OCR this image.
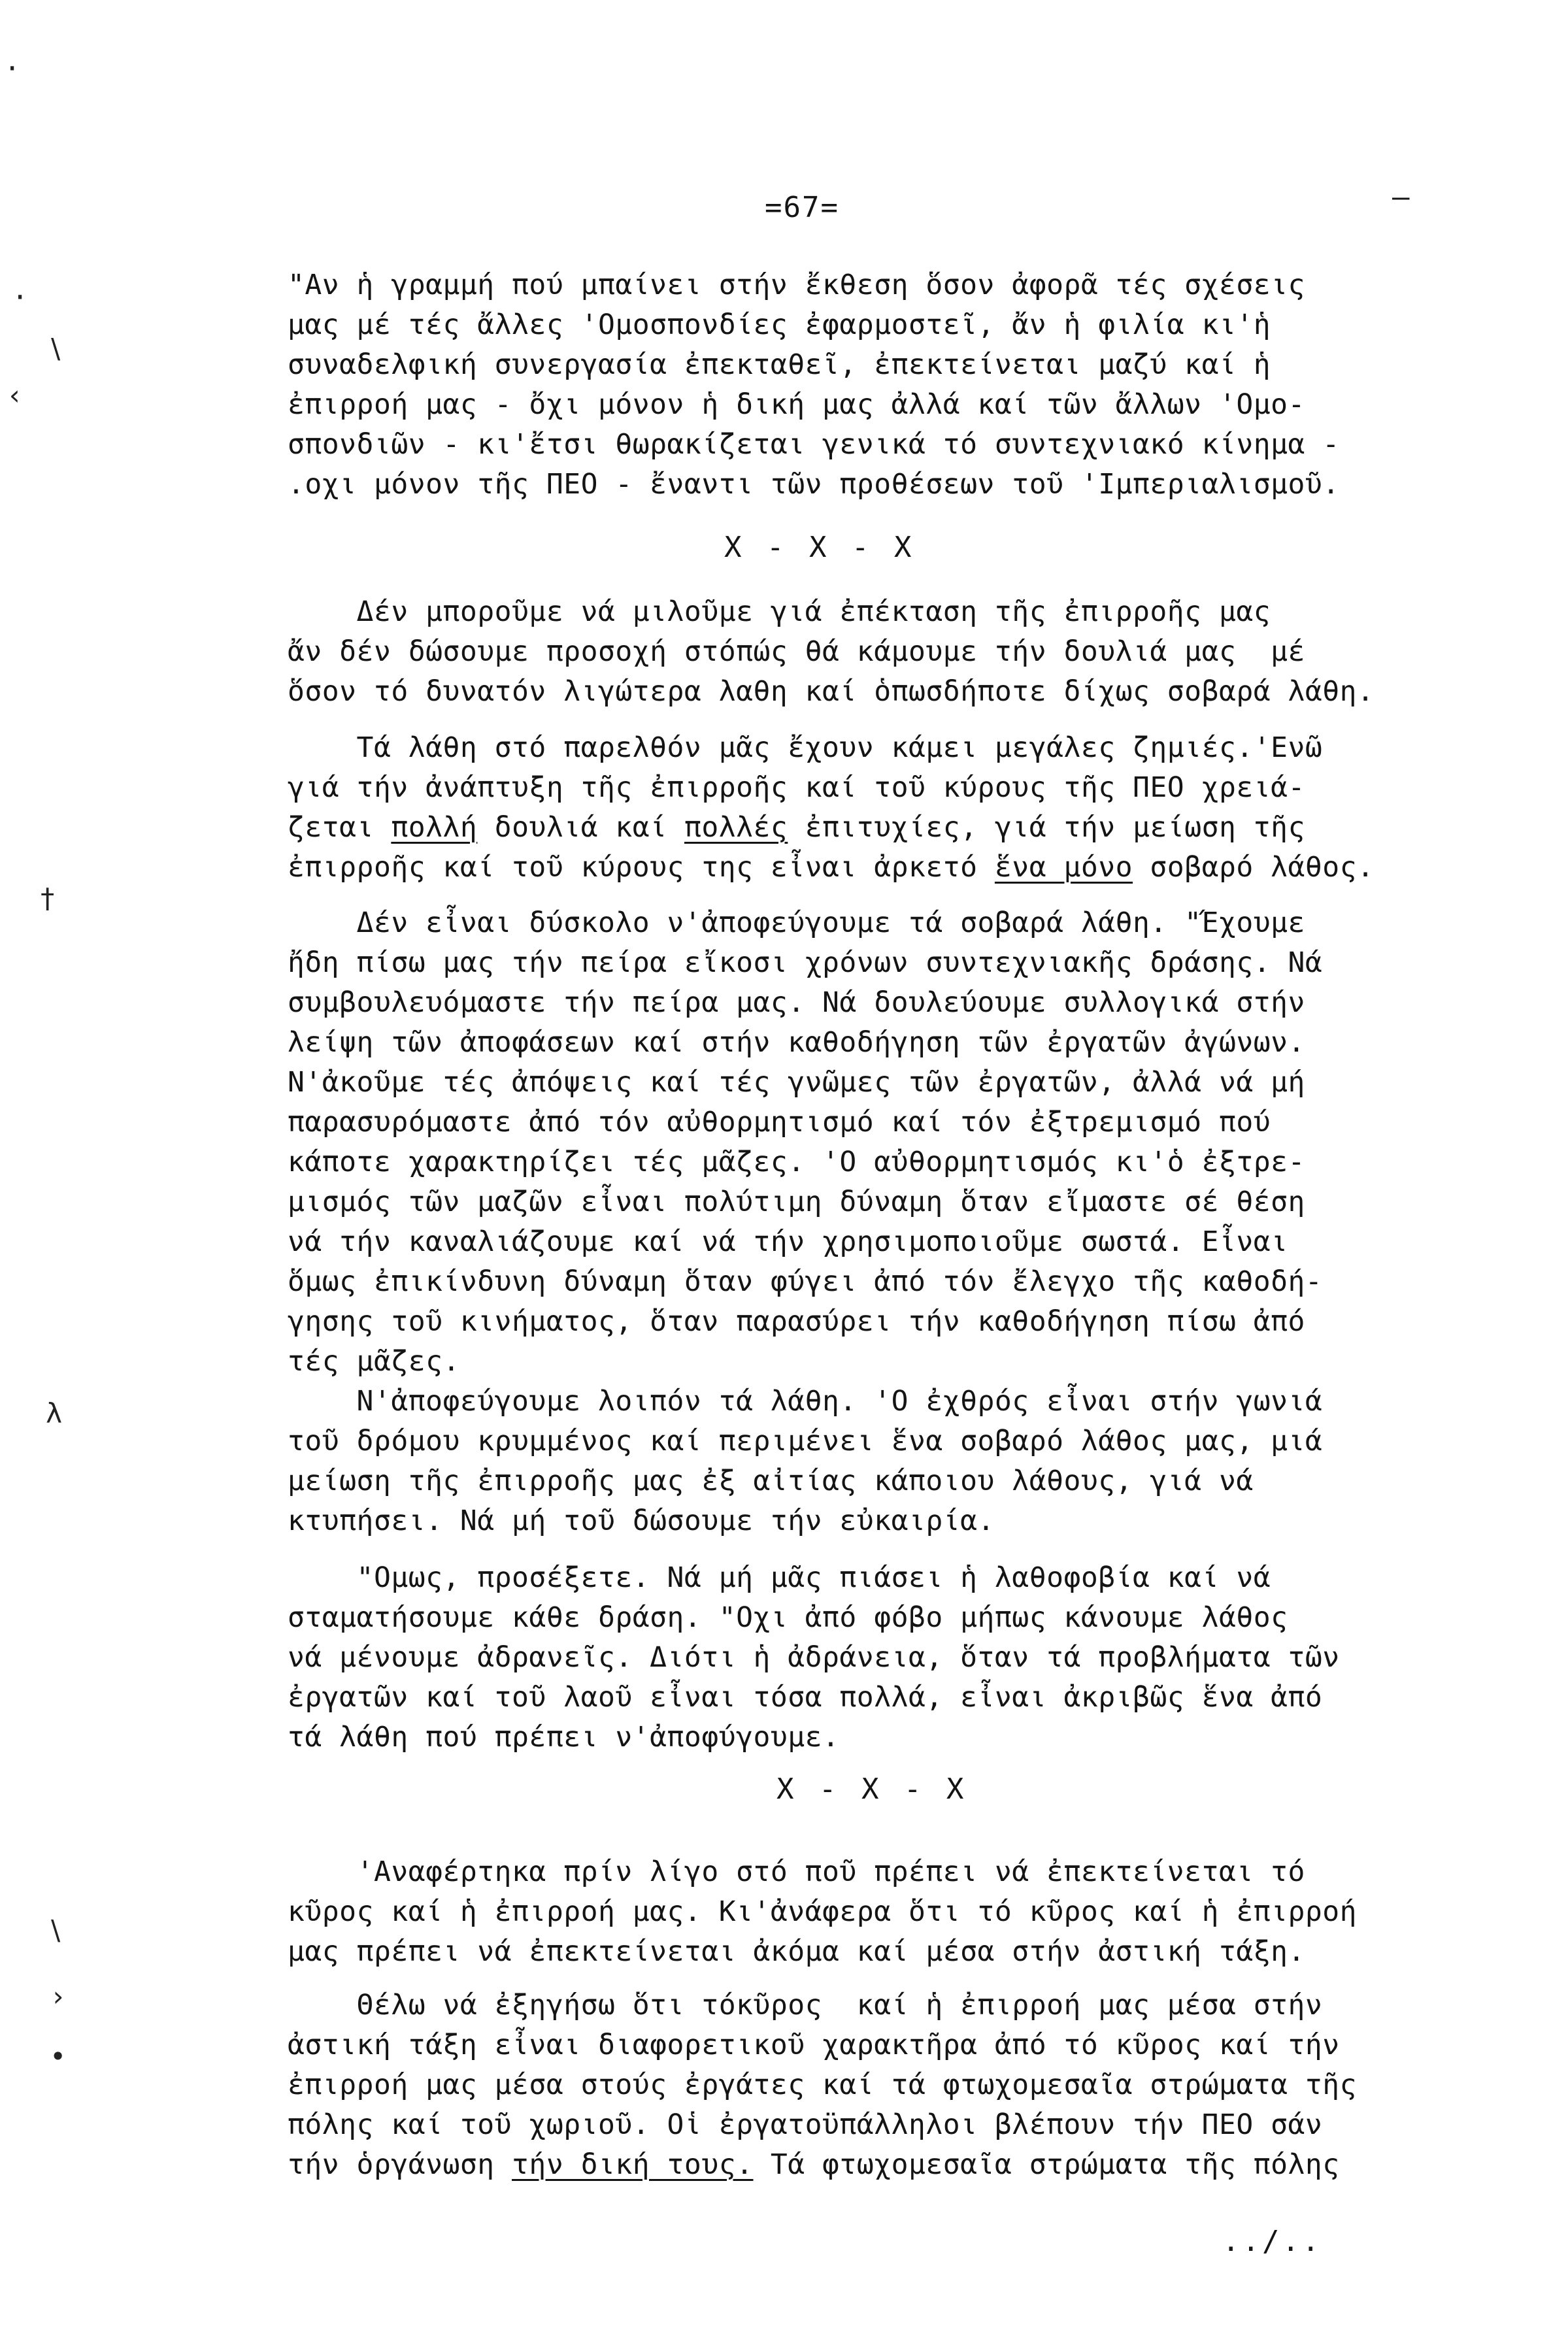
=67=	—
"Αν ἡ γραμμή πού μπαίνει στήν ἔκθεση ὅσον ἀφορᾶ τές σχέσεις
μας μέ τές ἄλλες 'Ομοσπονδίες ἐφαρμοστεῖ, ἄν ἡ φιλία κι'ἡ
συναδελφική συνεργασία ἐπεκταθεῖ, ἐπεκτείνεται μαζύ καί ἡ
ἐπιρροή μας - ὄχι μόνον ἡ δική μας ἀλλά καί τῶν ἄλλων 'Ομο-
σπονδιῶν - κι'ἔτσι θωρακίζεται γενικά τό συντεχνιακό κίνημα -
.οχι μόνον τῆς ΠΕΟ - ἔναντι τῶν προθέσεων τοῦ 'Ιμπεριαλισμοῦ.
X - X - X
Δέν μποροῦμε νά μιλοῦμε γιά ἐπέκταση τῆς ἐπιρροῆς μας
ἄν δέν δώσουμε προσοχή στόπώς θά κάμουμε τήν δουλιά μας  μέ
ὅσον τό δυνατόν λιγώτερα λαθη καί ὁπωσδήποτε δίχως σοβαρά λάθη.
Τά λάθη στό παρελθόν μᾶς ἔχουν κάμει μεγάλες ζημιές.'Ενῶ
γιά τήν ἀνάπτυξη τῆς ἐπιρροῆς καί τοῦ κύρους τῆς ΠΕΟ χρειά-
ζεται πολλή δουλιά καί πολλές ἐπιτυχίες, γιά τήν μείωση τῆς
ἐπιρροῆς καί τοῦ κύρους της εἶναι ἀρκετό ἕνα μόνο σοβαρό λάθος.
Δέν εἶναι δύσκολο ν'ἀποφεύγουμε τά σοβαρά λάθη. "Έχουμε
ἤδη πίσω μας τήν πείρα εἴκοσι χρόνων συντεχνιακῆς δράσης. Νά
συμβουλευόμαστε τήν πείρα μας. Νά δουλεύουμε συλλογικά στήν
λείψη τῶν ἀποφάσεων καί στήν καθοδήγηση τῶν ἐργατῶν ἀγώνων.
Ν'ἀκοῦμε τές ἀπόψεις καί τές γνῶμες τῶν ἐργατῶν, ἀλλά νά μή
παρασυρόμαστε ἀπό τόν αὐθορμητισμό καί τόν ἐξτρεμισμό πού
κάποτε χαρακτηρίζει τές μᾶζες. 'Ο αὐθορμητισμός κι'ὁ ἐξτρε-
μισμός τῶν μαζῶν εἶναι πολύτιμη δύναμη ὅταν εἴμαστε σέ θέση
νά τήν καναλιάζουμε καί νά τήν χρησιμοποιοῦμε σωστά. Εἶναι
ὅμως ἐπικίνδυνη δύναμη ὅταν φύγει ἀπό τόν ἔλεγχο τῆς καθοδή-
γησης τοῦ κινήματος, ὅταν παρασύρει τήν καθοδήγηση πίσω ἀπό
τές μᾶζες.
Ν'ἀποφεύγουμε λοιπόν τά λάθη. 'Ο ἐχθρός εἶναι στήν γωνιά
τοῦ δρόμου κρυμμένος καί περιμένει ἕνα σοβαρό λάθος μας, μιά
μείωση τῆς ἐπιρροῆς μας ἐξ αἰτίας κάποιου λάθους, γιά νά
κτυπήσει. Νά μή τοῦ δώσουμε τήν εὐκαιρία.
"Ομως, προσέξετε. Νά μή μᾶς πιάσει ἡ λαθοφοβία καί νά
σταματήσουμε κάθε δράση. "Οχι ἀπό φόβο μήπως κάνουμε λάθος
νά μένουμε ἀδρανεῖς. Διότι ἡ ἀδράνεια, ὅταν τά προβλήματα τῶν
ἐργατῶν καί τοῦ λαοῦ εἶναι τόσα πολλά, εἶναι ἀκριβῶς ἕνα ἀπό
τά λάθη πού πρέπει ν'ἀποφύγουμε.
X - X - X
'Αναφέρτηκα πρίν λίγο στό ποῦ πρέπει νά ἐπεκτείνεται τό
κῦρος καί ἡ ἐπιρροή μας. Κι'ἀνάφερα ὅτι τό κῦρος καί ἡ ἐπιρροή
μας πρέπει νά ἐπεκτείνεται ἀκόμα καί μέσα στήν ἀστική τάξη.
Θέλω νά ἐξηγήσω ὅτι τόκῦρος  καί ἡ ἐπιρροή μας μέσα στήν
ἀστική τάξη εἶναι διαφορετικοῦ χαρακτῆρα ἀπό τό κῦρος καί τήν
ἐπιρροή μας μέσα στούς ἐργάτες καί τά φτωχομεσαῖα στρώματα τῆς
πόλης καί τοῦ χωριοῦ. Οἱ ἐργατοϋπάλληλοι βλέπουν τήν ΠΕΟ σάν
τήν ὁργάνωση τήν δική τους. Τά φτωχομεσαῖα στρώματα τῆς πόλης
../..
·
·
∖
‹
†
λ
∖
›
•
